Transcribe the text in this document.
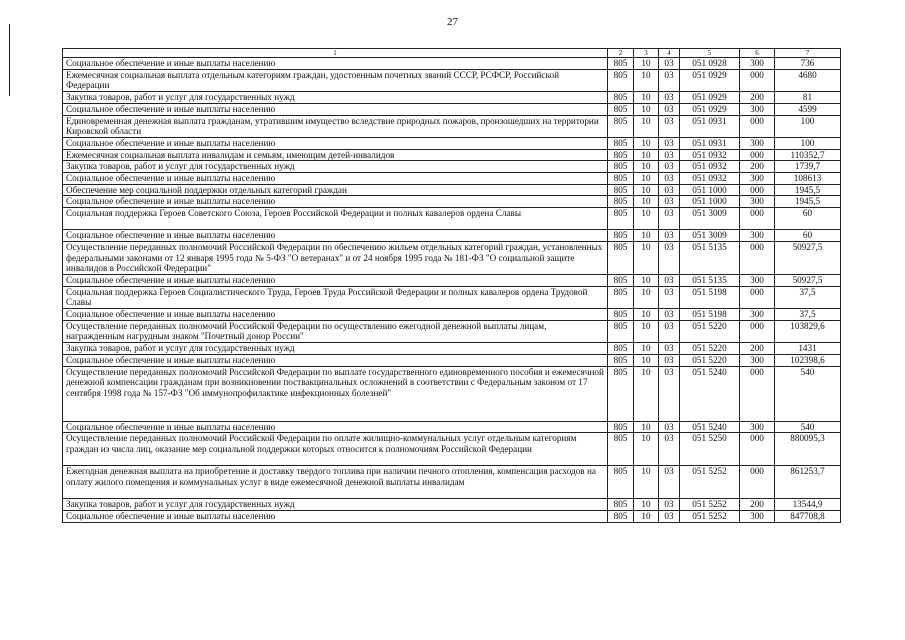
27
1	2	3	4	5	6	7
Социальное обеспечение и иные выплаты населению	805	10	03	051 0928	300	736
Ежемесячная социальная выплата отдельным категориям граждан, удостоенным почетных званий СССР, РСФСР, Российской Федерации	805	10	03	051 0929	000	4680
Закупка товаров, работ и услуг для государственных нужд	805	10	03	051 0929	200	81
Социальное обеспечение и иные выплаты населению	805	10	03	051 0929	300	4599
Единовременная денежная выплата гражданам, утратившим имущество вследствие природных пожаров, произошедших на территории Кировской области	805	10	03	051 0931	000	100
Социальное обеспечение и иные выплаты населению	805	10	03	051 0931	300	100
Ежемесячная социальная выплата инвалидам и семьям, имеющим детей-инвалидов	805	10	03	051 0932	000	110352,7
Закупка товаров, работ и услуг для государственных нужд	805	10	03	051 0932	200	1739,7
Социальное обеспечение и иные выплаты населению	805	10	03	051 0932	300	108613
Обеспечение мер социальной поддержки отдельных категорий граждан	805	10	03	051 1000	000	1945,5
Социальное обеспечение и иные выплаты населению	805	10	03	051 1000	300	1945,5
Социальная поддержка Героев Советского Союза, Героев Российской Федерации и полных кавалеров ордена Славы	805	10	03	051 3009	000	60
Социальное обеспечение и иные выплаты населению	805	10	03	051 3009	300	60
Осуществление переданных полномочий Российской Федерации по обеспечению жильем отдельных категорий граждан, установленных федеральными законами от 12 января 1995 года № 5-ФЗ "О ветеранах" и от 24 ноября 1995 года № 181-ФЗ "О социальной защите инвалидов в Российской Федерации"	805	10	03	051 5135	000	50927,5
Социальное обеспечение и иные выплаты населению	805	10	03	051 5135	300	50927,5
Социальная поддержка Героев Социалистического Труда, Героев Труда Российской Федерации и полных кавалеров ордена Трудовой Славы	805	10	03	051 5198	000	37,5
Социальное обеспечение и иные выплаты населению	805	10	03	051 5198	300	37,5
Осуществление переданных полномочий Российской Федерации по осуществлению ежегодной денежной выплаты лицам, награжденным нагрудным знаком "Почетный донор России"	805	10	03	051 5220	000	103829,6
Закупка товаров, работ и услуг для государственных нужд	805	10	03	051 5220	200	1431
Социальное обеспечение и иные выплаты населению	805	10	03	051 5220	300	102398,6
Осуществление переданных полномочий Российской Федерации по выплате государственного единовременного пособия и ежемесячной денежной компенсации гражданам при возникновении поствакцинальных осложнений в соответствии с Федеральным законом от 17 сентября 1998 года № 157-ФЗ "Об иммунопрофилактике инфекционных болезней"	805	10	03	051 5240	000	540
Социальное обеспечение и иные выплаты населению	805	10	03	051 5240	300	540
Осуществление переданных полномочий Российской Федерации по оплате жилищно-коммунальных услуг отдельным категориям граждан из числа лиц, оказание мер социальной поддержки которых относится к полномочиям Российской Федерации	805	10	03	051 5250	000	880095,3
Ежегодная денежная выплата на приобретение и доставку твердого топлива при наличии печного отопления, компенсация расходов на оплату жилого помещения и коммунальных услуг в виде ежемесячной денежной выплаты инвалидам	805	10	03	051 5252	000	861253,7
Закупка товаров, работ и услуг для государственных нужд	805	10	03	051 5252	200	13544,9
Социальное обеспечение и иные выплаты населению	805	10	03	051 5252	300	847708,8
